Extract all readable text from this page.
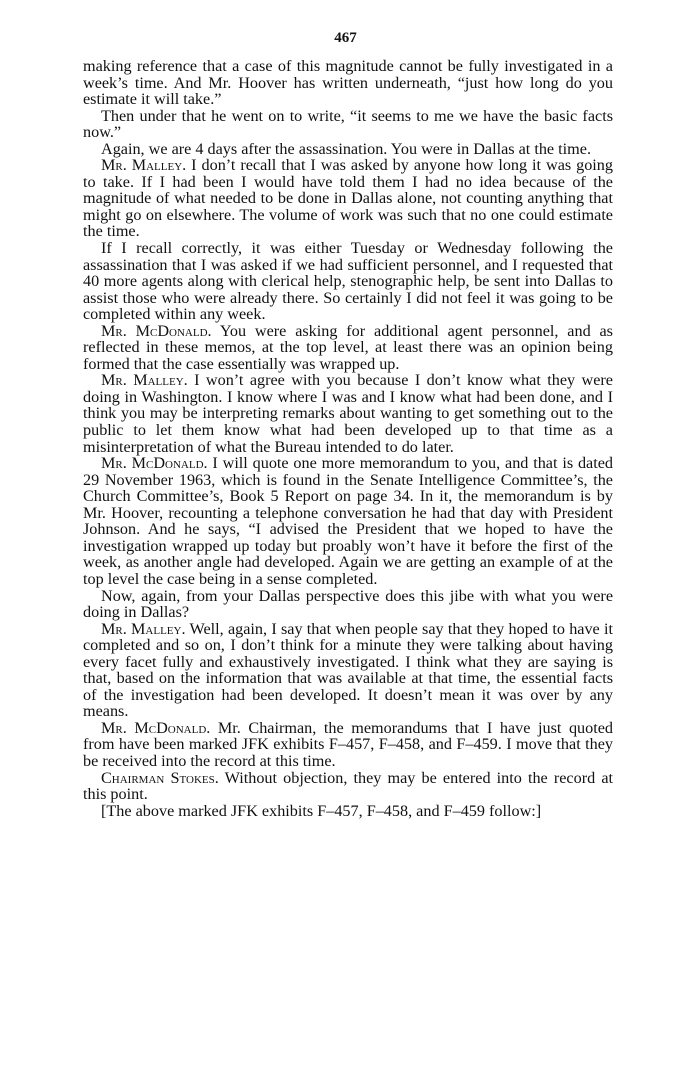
467

making reference that a case of this magnitude cannot be fully investigated in a week’s time. And Mr. Hoover has written underneath, “just how long do you estimate it will take.”

Then under that he went on to write, “it seems to me we have the basic facts now.”

Again, we are 4 days after the assassination. You were in Dallas at the time.

Mr. Malley. I don’t recall that I was asked by anyone how long it was going to take. If I had been I would have told them I had no idea because of the magnitude of what needed to be done in Dallas alone, not counting anything that might go on elsewhere. The volume of work was such that no one could estimate the time.

If I recall correctly, it was either Tuesday or Wednesday following the assassination that I was asked if we had sufficient personnel, and I requested that 40 more agents along with clerical help, stenographic help, be sent into Dallas to assist those who were already there. So certainly I did not feel it was going to be completed within any week.

Mr. McDonald. You were asking for additional agent personnel, and as reflected in these memos, at the top level, at least there was an opinion being formed that the case essentially was wrapped up.

Mr. Malley. I won’t agree with you because I don’t know what they were doing in Washington. I know where I was and I know what had been done, and I think you may be interpreting remarks about wanting to get something out to the public to let them know what had been developed up to that time as a misinterpretation of what the Bureau intended to do later.

Mr. McDonald. I will quote one more memorandum to you, and that is dated 29 November 1963, which is found in the Senate Intelligence Committee’s, the Church Committee’s, Book 5 Report on page 34. In it, the memorandum is by Mr. Hoover, recounting a telephone conversation he had that day with President Johnson. And he says, “I advised the President that we hoped to have the investigation wrapped up today but proably won’t have it before the first of the week, as another angle had developed. Again we are getting an example of at the top level the case being in a sense completed.

Now, again, from your Dallas perspective does this jibe with what you were doing in Dallas?

Mr. Malley. Well, again, I say that when people say that they hoped to have it completed and so on, I don’t think for a minute they were talking about having every facet fully and exhaustively investigated. I think what they are saying is that, based on the information that was available at that time, the essential facts of the investigation had been developed. It doesn’t mean it was over by any means.

Mr. McDonald. Mr. Chairman, the memorandums that I have just quoted from have been marked JFK exhibits F–457, F–458, and F–459. I move that they be received into the record at this time.

Chairman Stokes. Without objection, they may be entered into the record at this point.

[The above marked JFK exhibits F–457, F–458, and F–459 follow:]
